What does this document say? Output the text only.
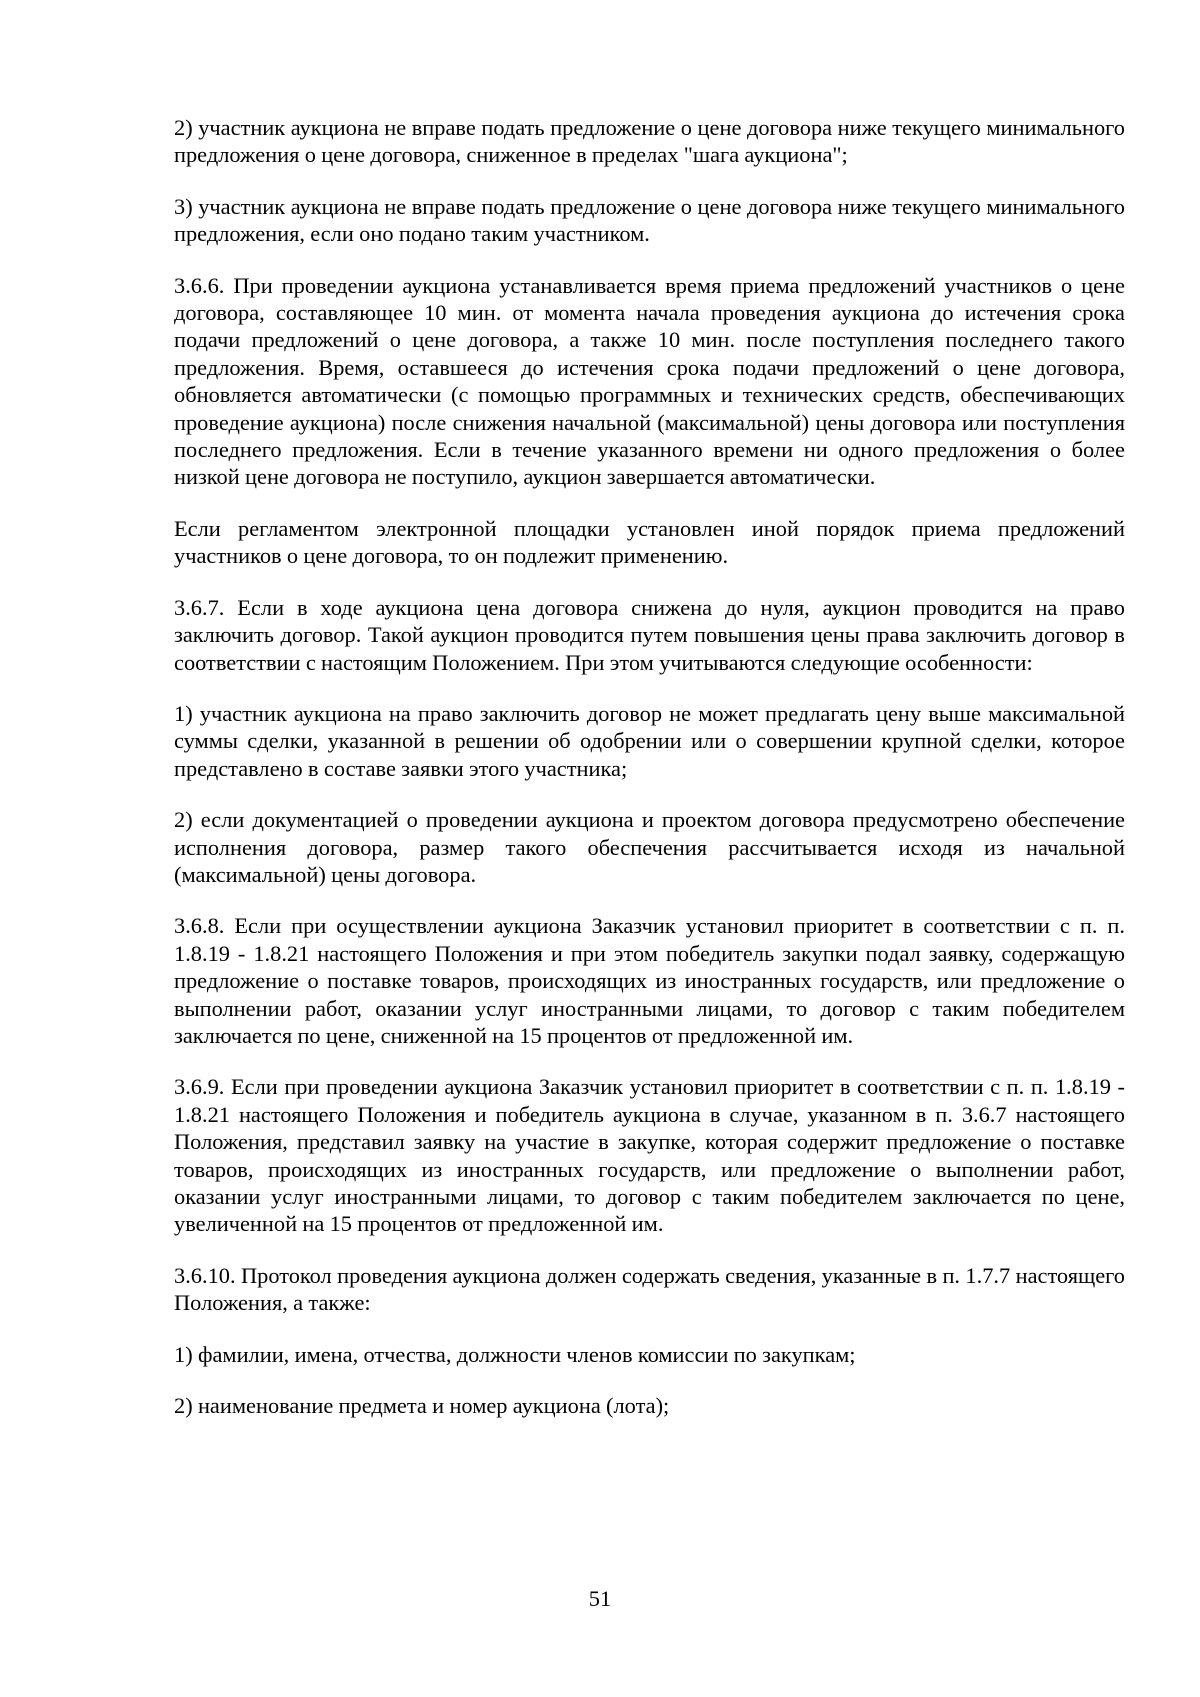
2) участник аукциона не вправе подать предложение о цене договора ниже текущего минимального предложения о цене договора, сниженное в пределах "шага аукциона";

3) участник аукциона не вправе подать предложение о цене договора ниже текущего минимального предложения, если оно подано таким участником.

3.6.6. При проведении аукциона устанавливается время приема предложений участников о цене договора, составляющее 10 мин. от момента начала проведения аукциона до истечения срока подачи предложений о цене договора, а также 10 мин. после поступления последнего такого предложения. Время, оставшееся до истечения срока подачи предложений о цене договора, обновляется автоматически (с помощью программных и технических средств, обеспечивающих проведение аукциона) после снижения начальной (максимальной) цены договора или поступления последнего предложения. Если в течение указанного времени ни одного предложения о более низкой цене договора не поступило, аукцион завершается автоматически.

Если регламентом электронной площадки установлен иной порядок приема предложений участников о цене договора, то он подлежит применению.

3.6.7. Если в ходе аукциона цена договора снижена до нуля, аукцион проводится на право заключить договор. Такой аукцион проводится путем повышения цены права заключить договор в соответствии с настоящим Положением. При этом учитываются следующие особенности:

1) участник аукциона на право заключить договор не может предлагать цену выше максимальной суммы сделки, указанной в решении об одобрении или о совершении крупной сделки, которое представлено в составе заявки этого участника;

2) если документацией о проведении аукциона и проектом договора предусмотрено обеспечение исполнения договора, размер такого обеспечения рассчитывается исходя из начальной (максимальной) цены договора.

3.6.8. Если при осуществлении аукциона Заказчик установил приоритет в соответствии с п. п. 1.8.19 - 1.8.21 настоящего Положения и при этом победитель закупки подал заявку, содержащую предложение о поставке товаров, происходящих из иностранных государств, или предложение о выполнении работ, оказании услуг иностранными лицами, то договор с таким победителем заключается по цене, сниженной на 15 процентов от предложенной им.

3.6.9. Если при проведении аукциона Заказчик установил приоритет в соответствии с п. п. 1.8.19 - 1.8.21 настоящего Положения и победитель аукциона в случае, указанном в п. 3.6.7 настоящего Положения, представил заявку на участие в закупке, которая содержит предложение о поставке товаров, происходящих из иностранных государств, или предложение о выполнении работ, оказании услуг иностранными лицами, то договор с таким победителем заключается по цене, увеличенной на 15 процентов от предложенной им.

3.6.10. Протокол проведения аукциона должен содержать сведения, указанные в п. 1.7.7 настоящего Положения, а также:

1) фамилии, имена, отчества, должности членов комиссии по закупкам;

2) наименование предмета и номер аукциона (лота);

51
